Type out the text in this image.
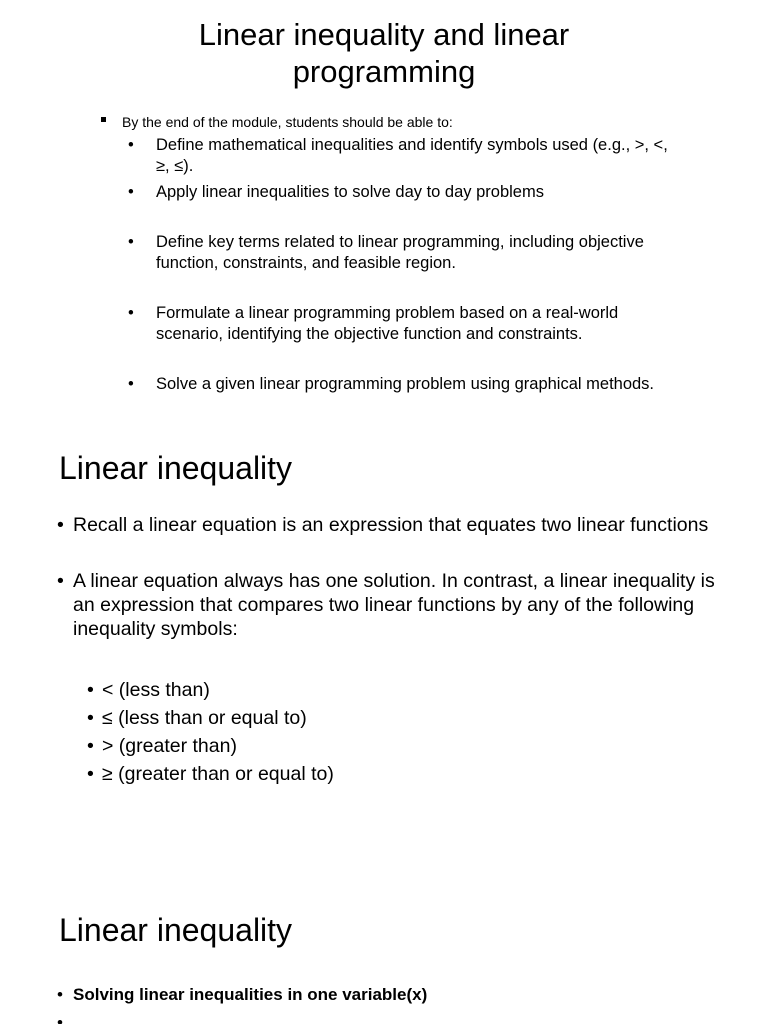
Linear inequality and linear programming
By the end of the module, students should be able to:
• Define mathematical inequalities and identify symbols used (e.g., >, <, ≥, ≤).
• Apply linear inequalities to solve day to day problems
• Define key terms related to linear programming, including objective function, constraints, and feasible region.
• Formulate a linear programming problem based on a real-world scenario, identifying the objective function and constraints.
• Solve a given linear programming problem using graphical methods.
Linear inequality
• Recall a linear equation is an expression that equates two linear functions
• A linear equation always has one solution. In contrast, a linear inequality is an expression that compares two linear functions by any of the following inequality symbols:
• < (less than)
• ≤ (less than or equal to)
• > (greater than)
• ≥ (greater than or equal to)
Linear inequality
• Solving linear inequalities in one variable(x)
•
